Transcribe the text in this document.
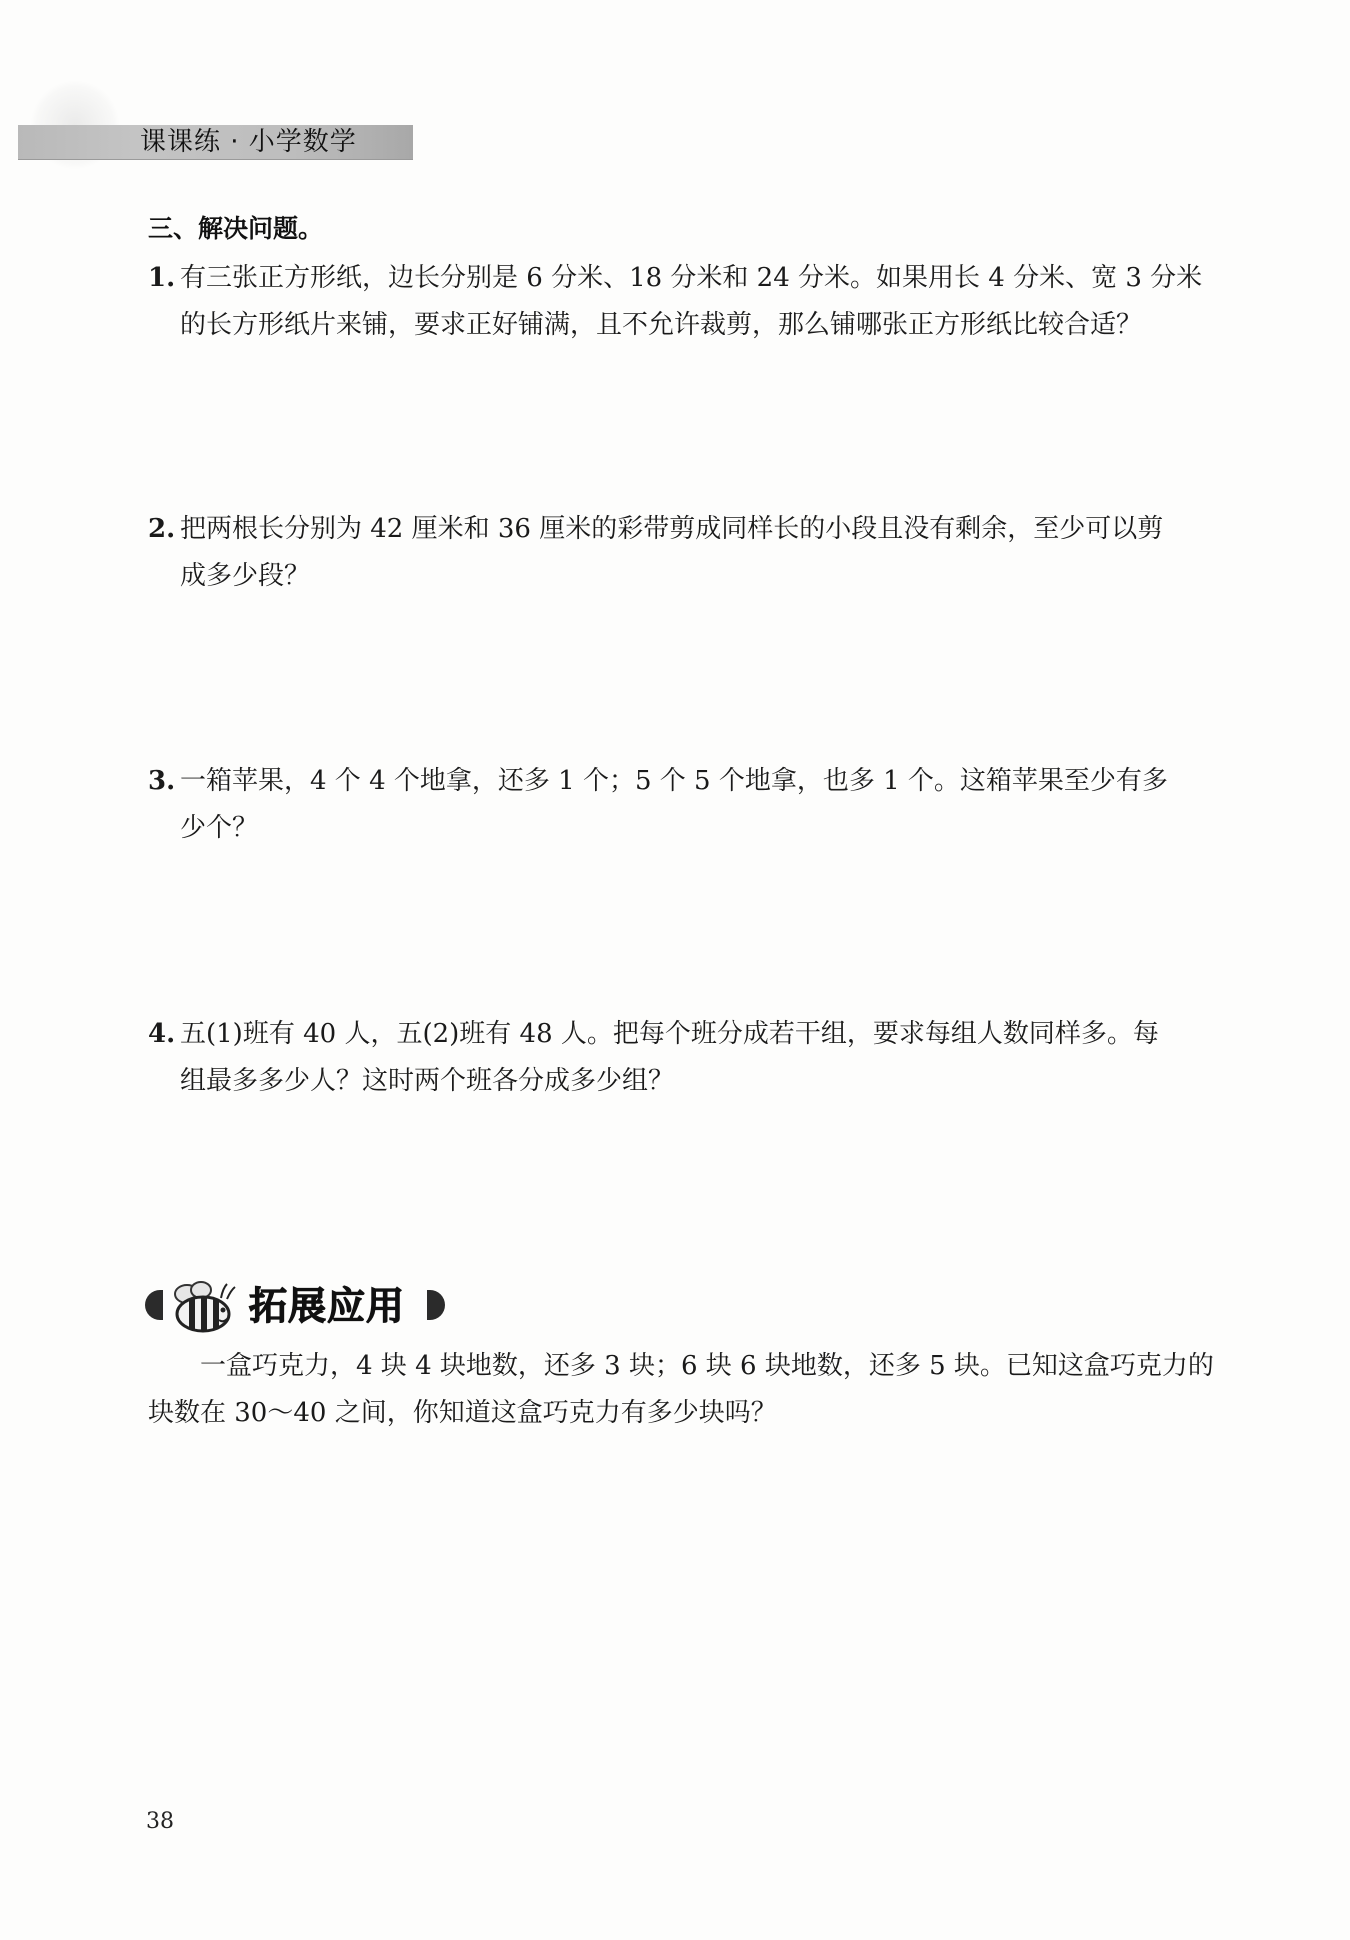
课课练 · 小学数学
三、解决问题。
1. 有三张正方形纸，边长分别是 6 分米、18 分米和 24 分米。如果用长 4 分米、宽 3 分米
的长方形纸片来铺，要求正好铺满，且不允许裁剪，那么铺哪张正方形纸比较合适？
2. 把两根长分别为 42 厘米和 36 厘米的彩带剪成同样长的小段且没有剩余，至少可以剪
成多少段？
3. 一箱苹果，4 个 4 个地拿，还多 1 个；5 个 5 个地拿，也多 1 个。这箱苹果至少有多
少个？
4. 五(1)班有 40 人，五(2)班有 48 人。把每个班分成若干组，要求每组人数同样多。每
组最多多少人？这时两个班各分成多少组？
拓展应用
一盒巧克力，4 块 4 块地数，还多 3 块；6 块 6 块地数，还多 5 块。已知这盒巧克力的
块数在 30～40 之间，你知道这盒巧克力有多少块吗？
38
